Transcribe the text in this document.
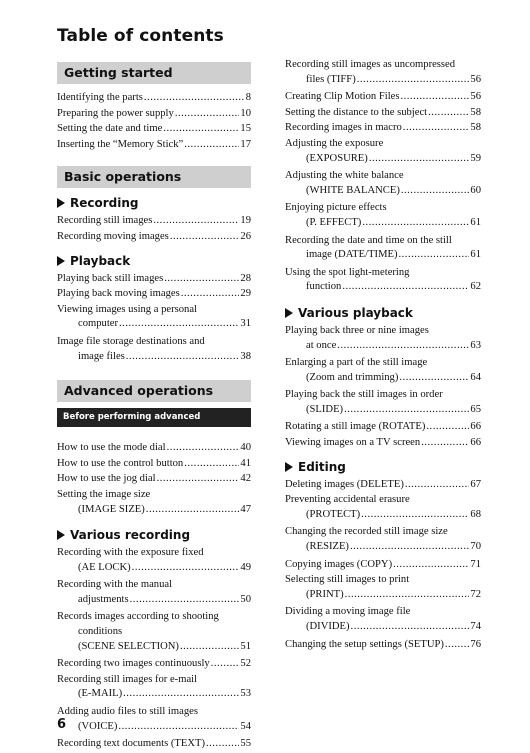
Table of contents
Getting started
Identifying the parts .....	8
Preparing the power supply .....	10
Setting the date and time .....	15
Inserting the “Memory Stick” .....	17
Basic operations
Recording
Recording still images .....	19
Recording moving images .....	26
Playback
Playing back still images .....	28
Playing back moving images .....	29
Viewing images using a personal
computer .....	31
Image file storage destinations and
image files .....	38
Advanced operations
Before performing advanced operations
How to use the mode dial .....	40
How to use the control button .....	41
How to use the jog dial .....	42
Setting the image size
(IMAGE SIZE) .....	47
Various recording
Recording with the exposure fixed
(AE LOCK) .....	49
Recording with the manual
adjustments .....	50
Records images according to shooting
conditions
(SCENE SELECTION) .....	51
Recording two images continuously .....	52
Recording still images for e-mail
(E-MAIL) .....	53
Adding audio files to still images
(VOICE) .....	54
Recording text documents (TEXT) .....	55
Recording still images as uncompressed
files (TIFF) .....	56
Creating Clip Motion Files .....	56
Setting the distance to the subject .....	58
Recording images in macro .....	58
Adjusting the exposure
(EXPOSURE) .....	59
Adjusting the white balance
(WHITE BALANCE) .....	60
Enjoying picture effects
(P. EFFECT) .....	61
Recording the date and time on the still
image (DATE/TIME) .....	61
Using the spot light-metering
function .....	62
Various playback
Playing back three or nine images
at once .....	63
Enlarging a part of the still image
(Zoom and trimming) .....	64
Playing back the still images in order
(SLIDE) .....	65
Rotating a still image (ROTATE) .....	66
Viewing images on a TV screen .....	66
Editing
Deleting images (DELETE) .....	67
Preventing accidental erasure
(PROTECT) .....	68
Changing the recorded still image size
(RESIZE) .....	70
Copying images (COPY) .....	71
Selecting still images to print
(PRINT) .....	72
Dividing a moving image file
(DIVIDE) .....	74
Changing the setup settings (SETUP) .....	76
6
